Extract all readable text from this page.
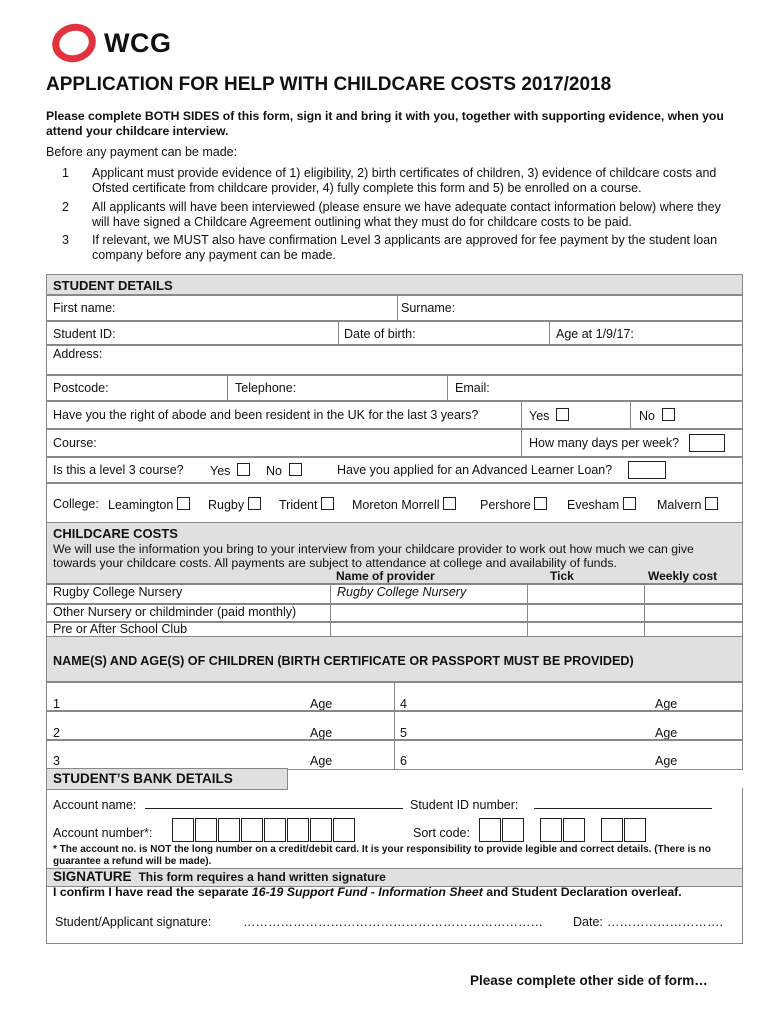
WCG
APPLICATION FOR HELP WITH CHILDCARE COSTS 2017/2018
Please complete BOTH SIDES of this form, sign it and bring it with you, together with supporting evidence, when you attend your childcare interview.
Before any payment can be made:
1 Applicant must provide evidence of 1) eligibility, 2) birth certificates of children, 3) evidence of childcare costs and Ofsted certificate from childcare provider, 4) fully complete this form and 5) be enrolled on a course.
2 All applicants will have been interviewed (please ensure we have adequate contact information below) where they will have signed a Childcare Agreement outlining what they must do for childcare costs to be paid.
3 If relevant, we MUST also have confirmation Level 3 applicants are approved for fee payment by the student loan company before any payment can be made.
STUDENT DETAILS
First name:	Surname:
Student ID:	Date of birth:	Age at 1/9/17:
Address:
Postcode:	Telephone:	Email:
Have you the right of abode and been resident in the UK for the last 3 years?	Yes	No
Course:	How many days per week?
Is this a level 3 course? Yes	No	Have you applied for an Advanced Learner Loan?
College: Leamington	Rugby	Trident	Moreton Morrell	Pershore	Evesham	Malvern
CHILDCARE COSTS
We will use the information you bring to your interview from your childcare provider to work out how much we can give towards your childcare costs. All payments are subject to attendance at college and availability of funds.
Name of provider	Tick	Weekly cost
Rugby College Nursery	Rugby College Nursery
Other Nursery or childminder (paid monthly)
Pre or After School Club
NAME(S) AND AGE(S) OF CHILDREN (BIRTH CERTIFICATE OR PASSPORT MUST BE PROVIDED)
1	Age	4	Age
2	Age	5	Age
3	Age	6	Age
STUDENT’S BANK DETAILS
Account name:	Student ID number:
Account number*:	Sort code:
* The account no. is NOT the long number on a credit/debit card. It is your responsibility to provide legible and correct details. (There is no guarantee a refund will be made).
SIGNATURE This form requires a hand written signature
I confirm I have read the separate 16-19 Support Fund - Information Sheet and Student Declaration overleaf.
Student/Applicant signature:	……………………………………………………………… Date: ……………………….
Please complete other side of form…
